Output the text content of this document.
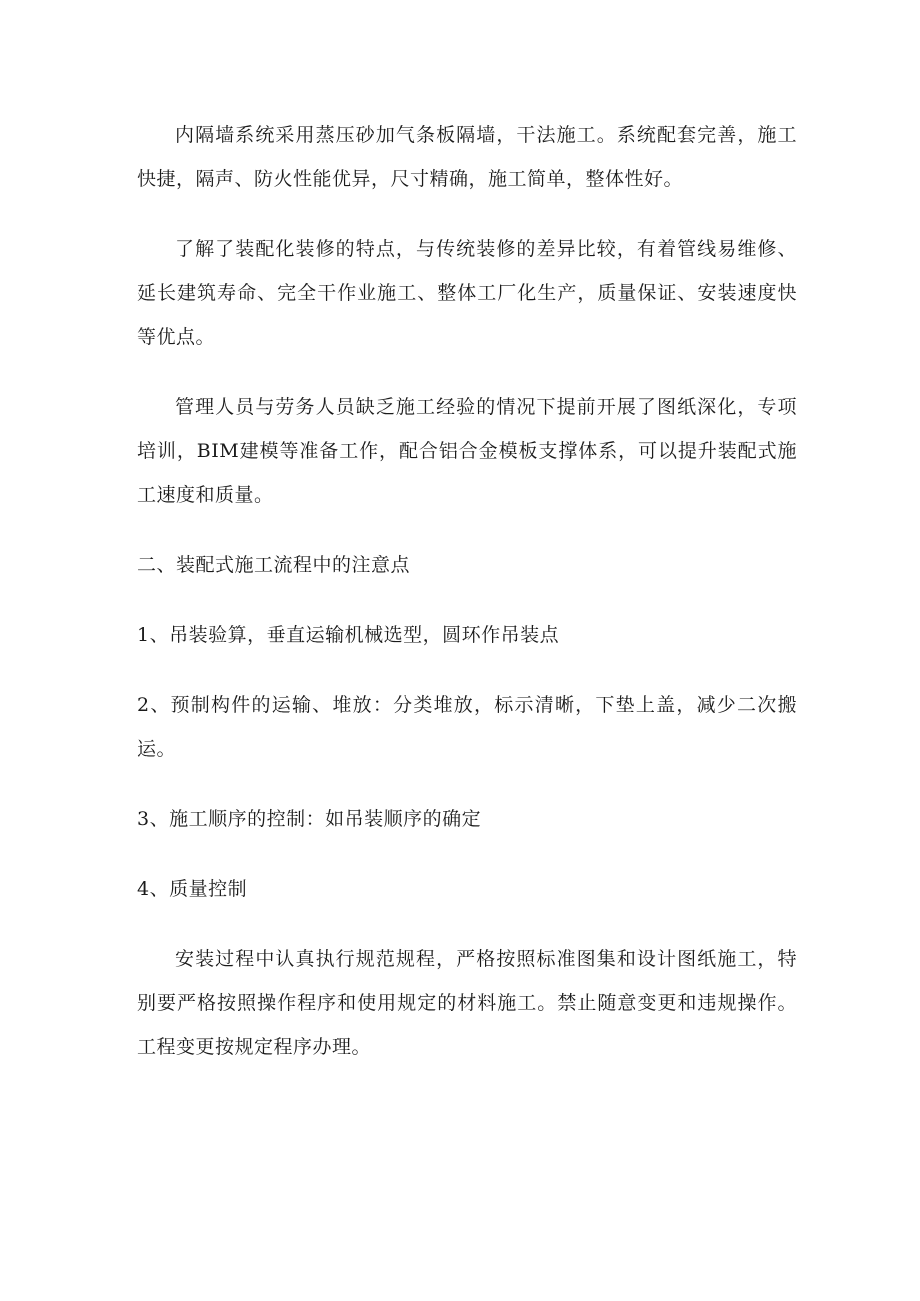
内隔墙系统采用蒸压砂加气条板隔墙，干法施工。系统配套完善，施工快捷，隔声、防火性能优异，尺寸精确，施工简单，整体性好。

了解了装配化装修的特点，与传统装修的差异比较，有着管线易维修、延长建筑寿命、完全干作业施工、整体工厂化生产，质量保证、安装速度快等优点。

管理人员与劳务人员缺乏施工经验的情况下提前开展了图纸深化，专项培训，BIM建模等准备工作，配合铝合金模板支撑体系，可以提升装配式施工速度和质量。

二、装配式施工流程中的注意点

1、吊装验算，垂直运输机械选型，圆环作吊装点

2、预制构件的运输、堆放：分类堆放，标示清晰，下垫上盖，减少二次搬运。

3、施工顺序的控制：如吊装顺序的确定

4、质量控制

安装过程中认真执行规范规程，严格按照标准图集和设计图纸施工，特别要严格按照操作程序和使用规定的材料施工。禁止随意变更和违规操作。工程变更按规定程序办理。
